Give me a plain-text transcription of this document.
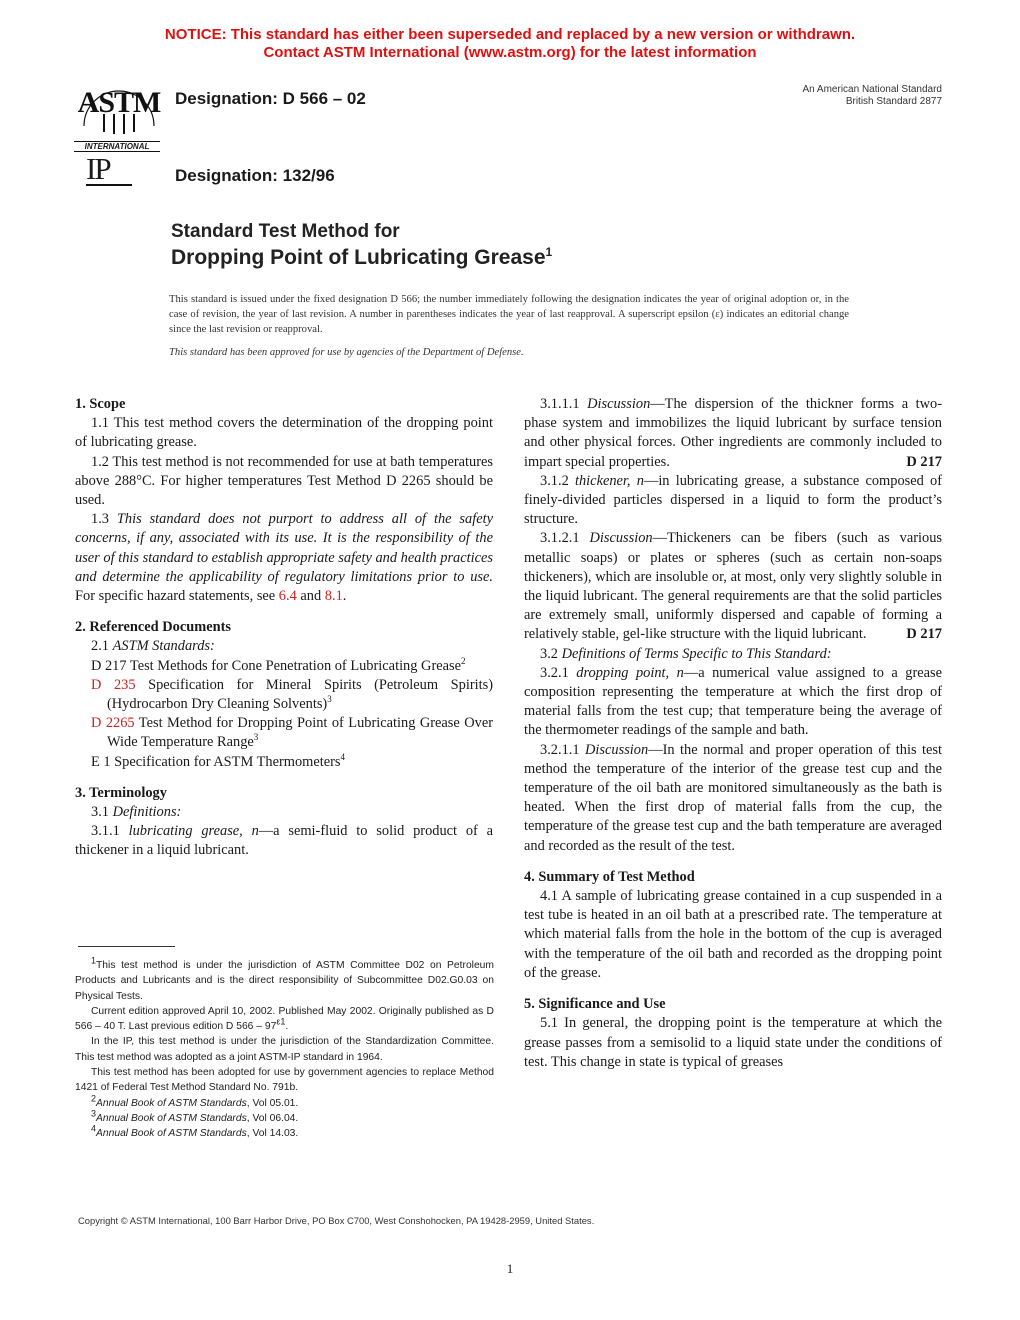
NOTICE: This standard has either been superseded and replaced by a new version or withdrawn.
Contact ASTM International (www.astm.org) for the latest information
ASTM
INTERNATIONAL
IP
Designation: D 566 – 02
Designation: 132/96
An American National Standard
British Standard 2877
Standard Test Method for
Dropping Point of Lubricating Grease$^1$
This standard is issued under the fixed designation D 566; the number immediately following the designation indicates the year of original adoption or, in the case of revision, the year of last revision. A number in parentheses indicates the year of last reapproval. A superscript epsilon (ε) indicates an editorial change since the last revision or reapproval.
This standard has been approved for use by agencies of the Department of Defense.

1. Scope

1.1 This test method covers the determination of the dropping point of lubricating grease.

1.2 This test method is not recommended for use at bath temperatures above 288°C. For higher temperatures Test Method D 2265 should be used.

1.3 This standard does not purport to address all of the safety concerns, if any, associated with its use. It is the responsibility of the user of this standard to establish appropriate safety and health practices and determine the applicability of regulatory limitations prior to use. For specific hazard statements, see 6.4 and 8.1.

2. Referenced Documents

2.1 ASTM Standards:

D 217 Test Methods for Cone Penetration of Lubricating Grease$^2$

D 235 Specification for Mineral Spirits (Petroleum Spirits) (Hydrocarbon Dry Cleaning Solvents)$^3$

D 2265 Test Method for Dropping Point of Lubricating Grease Over Wide Temperature Range$^3$

E 1 Specification for ASTM Thermometers$^4$

3. Terminology

3.1 Definitions:

3.1.1 lubricating grease, n—a semi-fluid to solid product of a thickener in a liquid lubricant.

$^1$This test method is under the jurisdiction of ASTM Committee D02 on Petroleum Products and Lubricants and is the direct responsibility of Subcommittee D02.G0.03 on Physical Tests.

Current edition approved April 10, 2002. Published May 2002. Originally published as D 566 – 40 T. Last previous edition D $566 - 97^{\varepsilon 1}$.

In the IP, this test method is under the jurisdiction of the Standardization Committee. This test method was adopted as a joint ASTM-IP standard in 1964.

This test method has been adopted for use by government agencies to replace Method 1421 of Federal Test Method Standard No. 791b.

$^2$Annual Book of ASTM Standards, Vol 05.01.

$^3$Annual Book of ASTM Standards, Vol 06.04.

$^4$Annual Book of ASTM Standards, Vol 14.03.

3.1.1.1 Discussion—The dispersion of the thickner forms a two-phase system and immobilizes the liquid lubricant by surface tension and other physical forces. Other ingredients are commonly included to impart special properties.	D 217

3.1.2 thickener, n—in lubricating grease, a substance composed of finely-divided particles dispersed in a liquid to form the product’s structure.

3.1.2.1 Discussion—Thickeners can be fibers (such as various metallic soaps) or plates or spheres (such as certain non-soaps thickeners), which are insoluble or, at most, only very slightly soluble in the liquid lubricant. The general requirements are that the solid particles are extremely small, uniformly dispersed and capable of forming a relatively stable, gel-like structure with the liquid lubricant.	D 217

3.2 Definitions of Terms Specific to This Standard:

3.2.1 dropping point, n—a numerical value assigned to a grease composition representing the temperature at which the first drop of material falls from the test cup; that temperature being the average of the thermometer readings of the sample and bath.

3.2.1.1 Discussion—In the normal and proper operation of this test method the temperature of the interior of the grease test cup and the temperature of the oil bath are monitored simultaneously as the bath is heated. When the first drop of material falls from the cup, the temperature of the grease test cup and the bath temperature are averaged and recorded as the result of the test.

4. Summary of Test Method

4.1 A sample of lubricating grease contained in a cup suspended in a test tube is heated in an oil bath at a prescribed rate. The temperature at which material falls from the hole in the bottom of the cup is averaged with the temperature of the oil bath and recorded as the dropping point of the grease.

5. Significance and Use

5.1 In general, the dropping point is the temperature at which the grease passes from a semisolid to a liquid state under the conditions of test. This change in state is typical of greases

Copyright © ASTM International, 100 Barr Harbor Drive, PO Box C700, West Conshohocken, PA 19428-2959, United States.
1
